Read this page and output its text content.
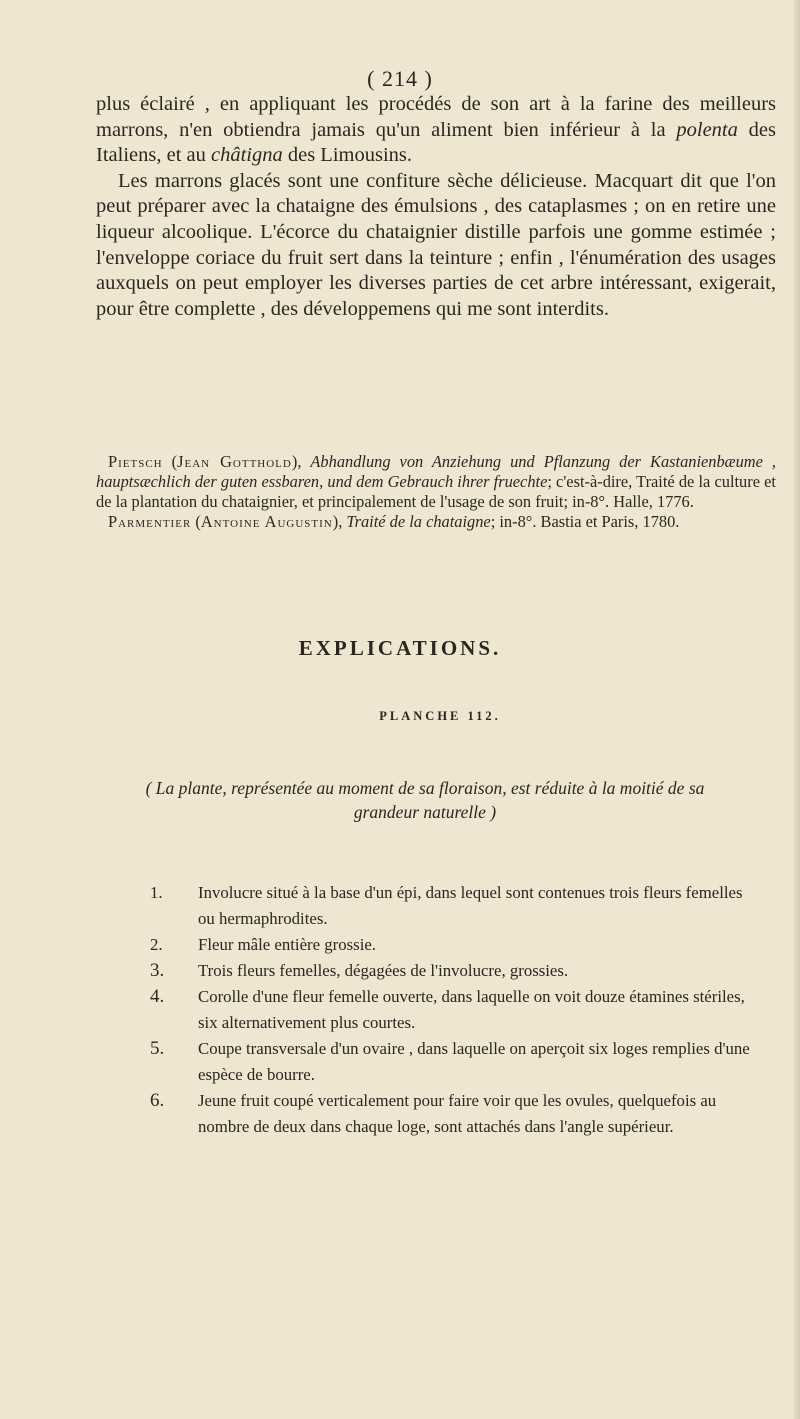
( 214 )

plus éclairé , en appliquant les procédés de son art à la farine des meilleurs marrons, n'en obtiendra jamais qu'un aliment bien inférieur à la polenta des Italiens, et au châtigna des Limousins.

Les marrons glacés sont une confiture sèche délicieuse. Macquart dit que l'on peut préparer avec la chataigne des émulsions , des cataplasmes ; on en retire une liqueur alcoolique. L'écorce du chataignier distille parfois une gomme estimée ; l'enveloppe coriace du fruit sert dans la teinture ; enfin , l'énumération des usages auxquels on peut employer les diverses parties de cet arbre intéressant, exigerait, pour être complette , des développemens qui me sont interdits.

Pietsch (Jean Gotthold), Abhandlung von Anziehung und Pflanzung der Kastanienbæume , hauptsæchlich der guten essbaren, und dem Gebrauch ihrer fruechte; c'est-à-dire, Traité de la culture et de la plantation du chataignier, et principalement de l'usage de son fruit; in-8°. Halle, 1776.

Parmentier (Antoine Augustin), Traité de la chataigne; in-8°. Bastia et Paris, 1780.

EXPLICATIONS.
PLANCHE 112.
( La plante, représentée au moment de sa floraison, est réduite à la moitié de sa grandeur naturelle )
1.	Involucre situé à la base d'un épi, dans lequel sont contenues trois fleurs femelles ou hermaphrodites.
2.	Fleur mâle entière grossie.
3.	Trois fleurs femelles, dégagées de l'involucre, grossies.
4.	Corolle d'une fleur femelle ouverte, dans laquelle on voit douze étamines stériles, six alternativement plus courtes.
5.	Coupe transversale d'un ovaire , dans laquelle on aperçoit six loges remplies d'une espèce de bourre.
6.	Jeune fruit coupé verticalement pour faire voir que les ovules, quelquefois au nombre de deux dans chaque loge, sont attachés dans l'angle supérieur.
